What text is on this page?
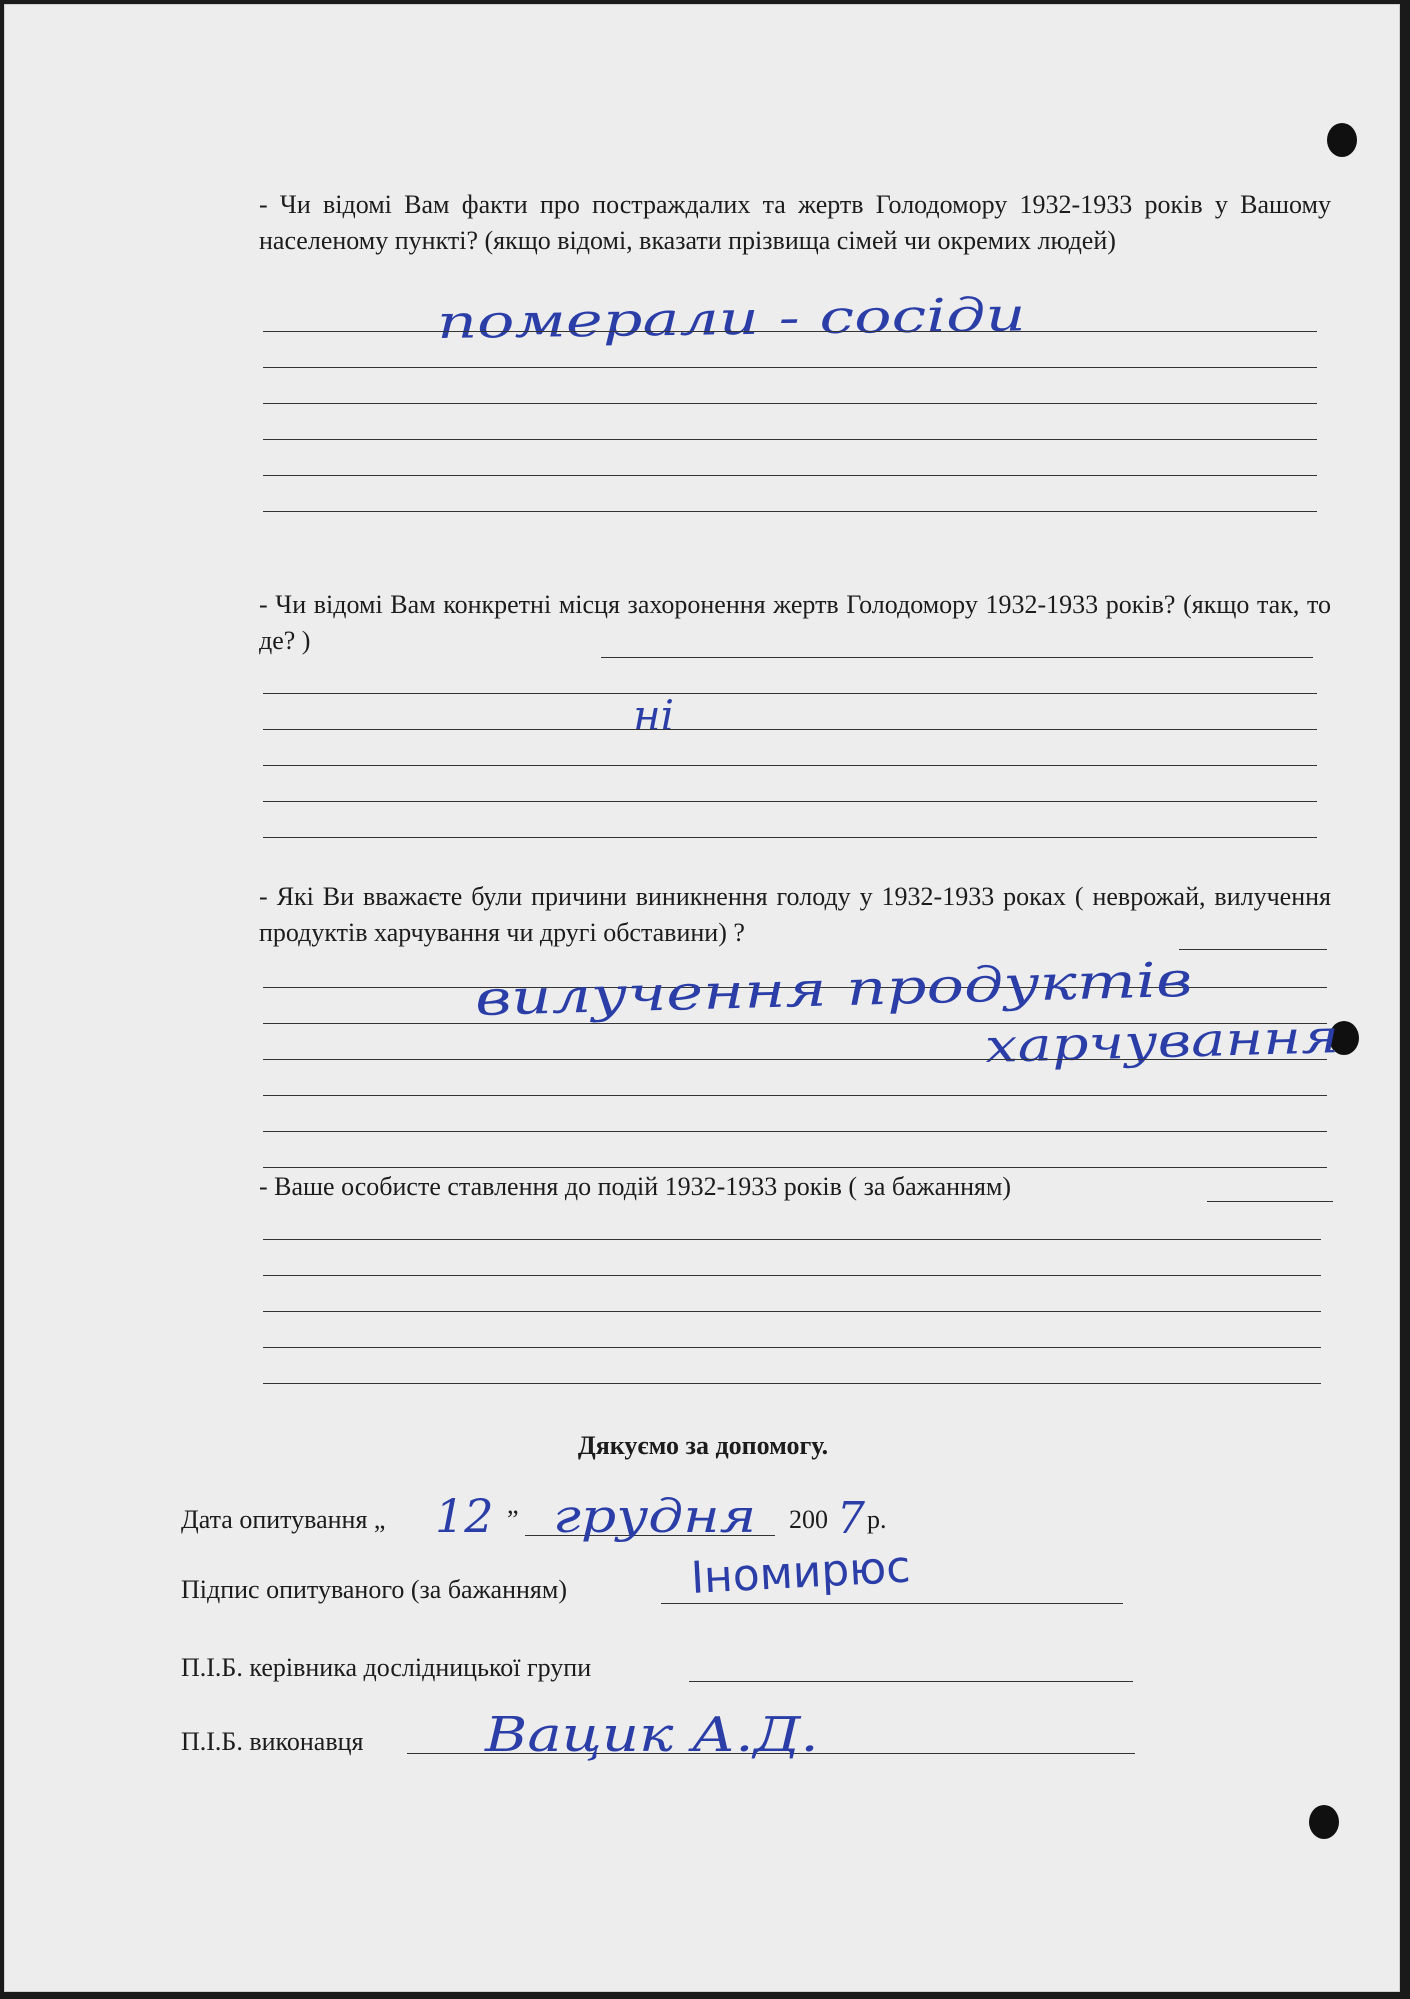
- Чи відомі Вам факти про постраждалих та жертв Голодомору 1932-1933 років у Вашому населеному пункті? (якщо відомі, вказати прізвища сімей чи окремих людей)
померали - сосіди
- Чи відомі Вам конкретні місця захоронення жертв Голодомору 1932-1933 років? (якщо так, то де? )
ні
- Які Ви вважаєте були причини виникнення голоду у 1932-1933 роках ( неврожай, вилучення продуктів харчування чи другі обставини) ?
вилучення продуктів
харчування
- Ваше особисте ставлення до подій 1932-1933 років ( за бажанням)
Дякуємо за допомогу.
Дата опитування „ 12 ” грудня 200 7 р.
Підпис опитуваного (за бажанням)	Іномирюс
П.І.Б. керівника дослідницької групи
П.І.Б. виконавця	Вацик А.Д.
